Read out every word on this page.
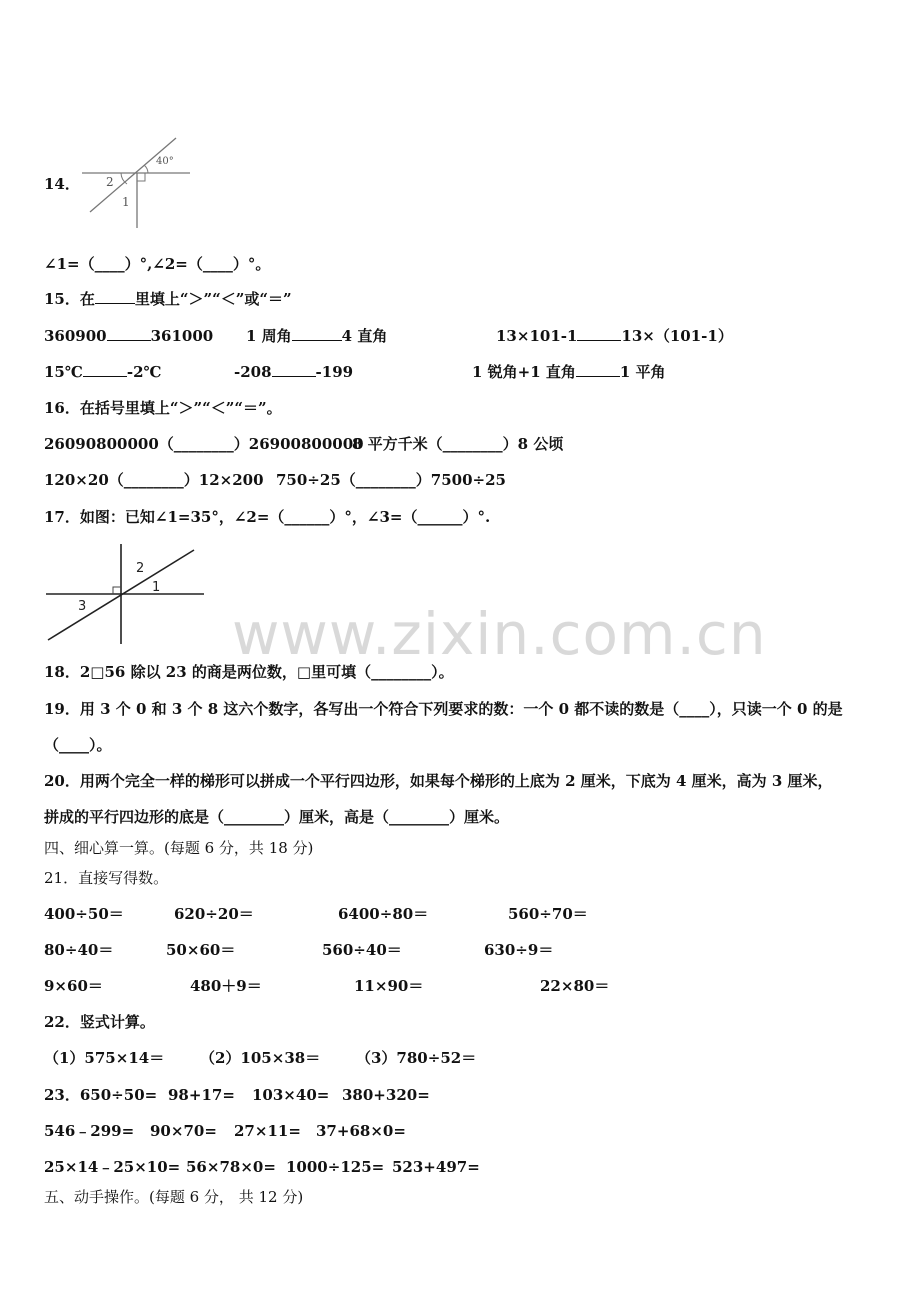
www.zixin.com.cn
14．
40°
2
1
∠1=（____）°,∠2=（____）°。
15．在	里填上“＞”“＜”或“＝”
360900	361000 1 周角	4 直角	13×101-1	13×（101-1）
15℃	-2℃	-208	-199	1 锐角+1 直角	1 平角
16．在括号里填上“＞”“＜”“＝”。
26090800000（________）26900800000
8 平方千米（________）8 公顷
120×20（________）12×200 750÷25（________）7500÷25
17．如图：已知∠1=35°，∠2=（______）°，∠3=（______）°.
2
1
3
18．2□56 除以 23 的商是两位数，□里可填（________）。
19．用 3 个 0 和 3 个 8 这六个数字，各写出一个符合下列要求的数：一个 0 都不读的数是（____），只读一个 0 的是
（____）。
20．用两个完全一样的梯形可以拼成一个平行四边形，如果每个梯形的上底为 2 厘米，下底为 4 厘米，高为 3 厘米，
拼成的平行四边形的底是（________）厘米，高是（________）厘米。
四、细心算一算。(每题 6 分，共 18 分)
21．直接写得数。
400÷50＝	620÷20＝	6400÷80＝	560÷70＝
80÷40＝	50×60＝	560÷40＝	630÷9＝
9×60＝	480＋9＝	11×90＝	22×80＝
22．竖式计算。
（1）575×14＝ （2）105×38＝ （3）780÷52＝
23．650÷50= 98+17= 103×40= 380+320=
546﹣299= 90×70= 27×11= 37+68×0=
25×14﹣25×10= 56×78×0= 1000÷125= 523+497=
五、动手操作。(每题 6 分， 共 12 分)
